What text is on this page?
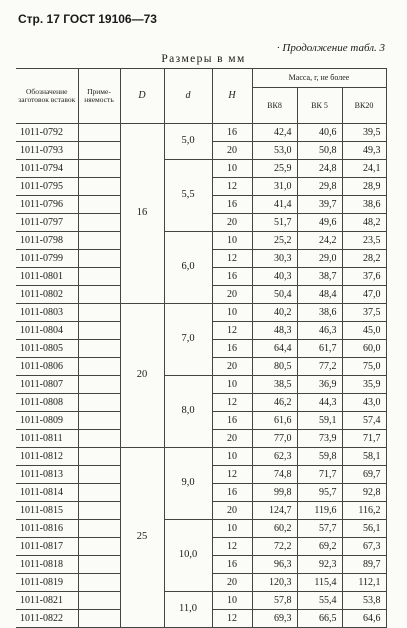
Стр. 17 ГОСТ 19106—73
· Продолжение табл. 3
Размеры в мм
Обозначение заготовок вставок	Приме- няемость	D	d	H	Масса, г, не более		
					ВК8	ВК 5	ВК20
1011-0792		16	5,0	16	42,4	40,6	39,5
1011-0793				20	53,0	50,8	49,3
1011-0794			5,5	10	25,9	24,8	24,1
1011-0795				12	31,0	29,8	28,9
1011-0796				16	41,4	39,7	38,6
1011-0797				20	51,7	49,6	48,2
1011-0798			6,0	10	25,2	24,2	23,5
1011-0799				12	30,3	29,0	28,2
1011-0801				16	40,3	38,7	37,6
1011-0802				20	50,4	48,4	47,0
1011-0803		20	7,0	10	40,2	38,6	37,5
1011-0804				12	48,3	46,3	45,0
1011-0805				16	64,4	61,7	60,0
1011-0806				20	80,5	77,2	75,0
1011-0807			8,0	10	38,5	36,9	35,9
1011-0808				12	46,2	44,3	43,0
1011-0809				16	61,6	59,1	57,4
1011-0811				20	77,0	73,9	71,7
1011-0812		25	9,0	10	62,3	59,8	58,1
1011-0813				12	74,8	71,7	69,7
1011-0814				16	99,8	95,7	92,8
1011-0815				20	124,7	119,6	116,2
1011-0816			10,0	10	60,2	57,7	56,1
1011-0817				12	72,2	69,2	67,3
1011-0818				16	96,3	92,3	89,7
1011-0819				20	120,3	115,4	112,1
1011-0821			11,0	10	57,8	55,4	53,8
1011-0822				12	69,3	66,5	64,6
